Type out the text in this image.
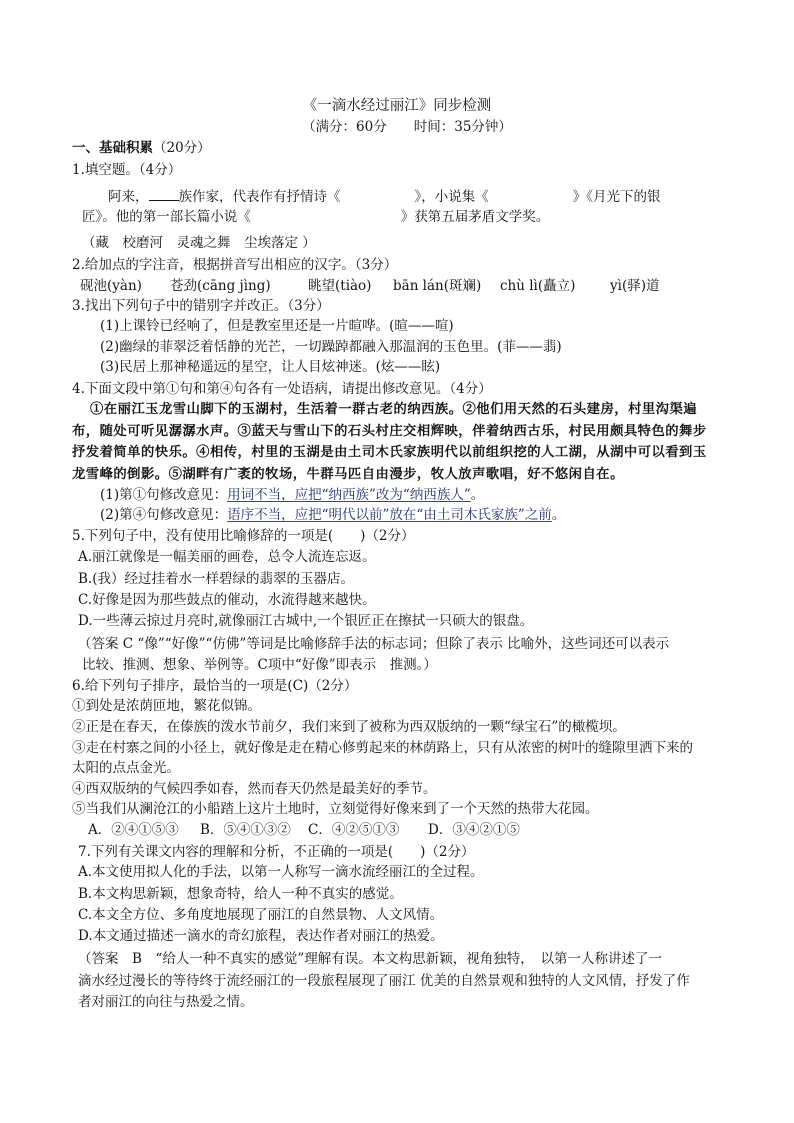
《一滴水经过丽江》同步检测
（满分：60分　　时间：35分钟）
一、基础积累（20分）
1.填空题。（4分）
阿来， 族作家，代表作有抒情诗《	》，小说集《	》《月光下的银
匠》。他的第一部长篇小说《	》获第五届茅盾文学奖。
（藏　校磨河　灵魂之舞　尘埃落定 ）
2.给加点的字注音，根据拼音写出相应的汉字。（3分）
砚池(yàn) 苍劲(cāng jìng)	眺望(tiào) bān lán(斑斓) chù lì(矗立)	yì(驿)道
3.找出下列句子中的错别字并改正。（3分）
(1)上课铃已经响了，但是教室里还是一片暄哗。(暄——喧)
(2)幽绿的菲翠泛着恬静的光芒，一切躁踔都融入那温润的玉色里。(菲——翡)
(3)民居上那神秘遥远的星空，让人目炫神迷。(炫——眩)
4.下面文段中第①句和第④句各有一处语病，请提出修改意见。（4分）
①在丽江玉龙雪山脚下的玉湖村，生活着一群古老的纳西族。②他们用天然的石头建房，村里沟渠遍
布，随处可听见潺潺水声。③蓝天与雪山下的石头村庄交相辉映，伴着纳西古乐，村民用颇具特色的舞步
抒发着简单的快乐。④相传，村里的玉湖是由土司木氏家族明代以前组织挖的人工湖，从湖中可以看到玉
龙雪峰的倒影。⑤湖畔有广袤的牧场，牛群马匹自由漫步，牧人放声歌唱，好不悠闲自在。
(1)第①句修改意见：用词不当，应把“纳西族”改为“纳西族人”。
(2)第④句修改意见：语序不当，应把“明代以前”放在“由土司木氏家族”之前。
5.下列句子中，没有使用比喻修辞的一项是(　　)（2分）
A.丽江就像是一幅美丽的画卷，总令人流连忘返。
B.(我）经过挂着水一样碧绿的翡翠的玉器店。
C.好像是因为那些鼓点的催动，水流得越来越快。
D.一些薄云掠过月亮时,就像丽江古城中,一个银匠正在擦拭一只硕大的银盘。
（答案 C “像”“好像”“仿佛”等词是比喻修辞手法的标志词；但除了表示 比喻外，这些词还可以表示
比较、推测、想象、举例等。C项中“好像”即表示　推测。）
6.给下列句子排序，最恰当的一项是(C)（2分）
①到处是浓荫匝地，繁花似锦。
②正是在春天，在傣族的泼水节前夕，我们来到了被称为西双版纳的一颗“绿宝石”的橄榄坝。
③走在村寨之间的小径上，就好像是走在精心修剪起来的林荫路上，只有从浓密的树叶的缝隙里洒下来的
太阳的点点金光。
④西双版纳的气候四季如春，然而春天仍然是最美好的季节。
⑤当我们从澜沧江的小船踏上这片土地时，立刻觉得好像来到了一个天然的热带大花园。
A．②④①⑤③ B．⑤④①③② C．④②⑤①③ D．③④②①⑤
7.下列有关课文内容的理解和分析，不正确的一项是(　　)（2分）
A.本文使用拟人化的手法，以第一人称写一滴水流经丽江的全过程。
B.本文构思新颖，想象奇特，给人一种不真实的感觉。
C.本文全方位、多角度地展现了丽江的自然景物、人文风情。
D.本文通过描述一滴水的奇幻旅程，表达作者对丽江的热爱。
（答案　B　“给人一种不真实的感觉”理解有误。本文构思新颖，视角独特，　以第一人称讲述了一
滴水经过漫长的等待终于流经丽江的一段旅程展现了丽江 优美的自然景观和独特的人文风情，抒发了作
者对丽江的向往与热爱之情。
